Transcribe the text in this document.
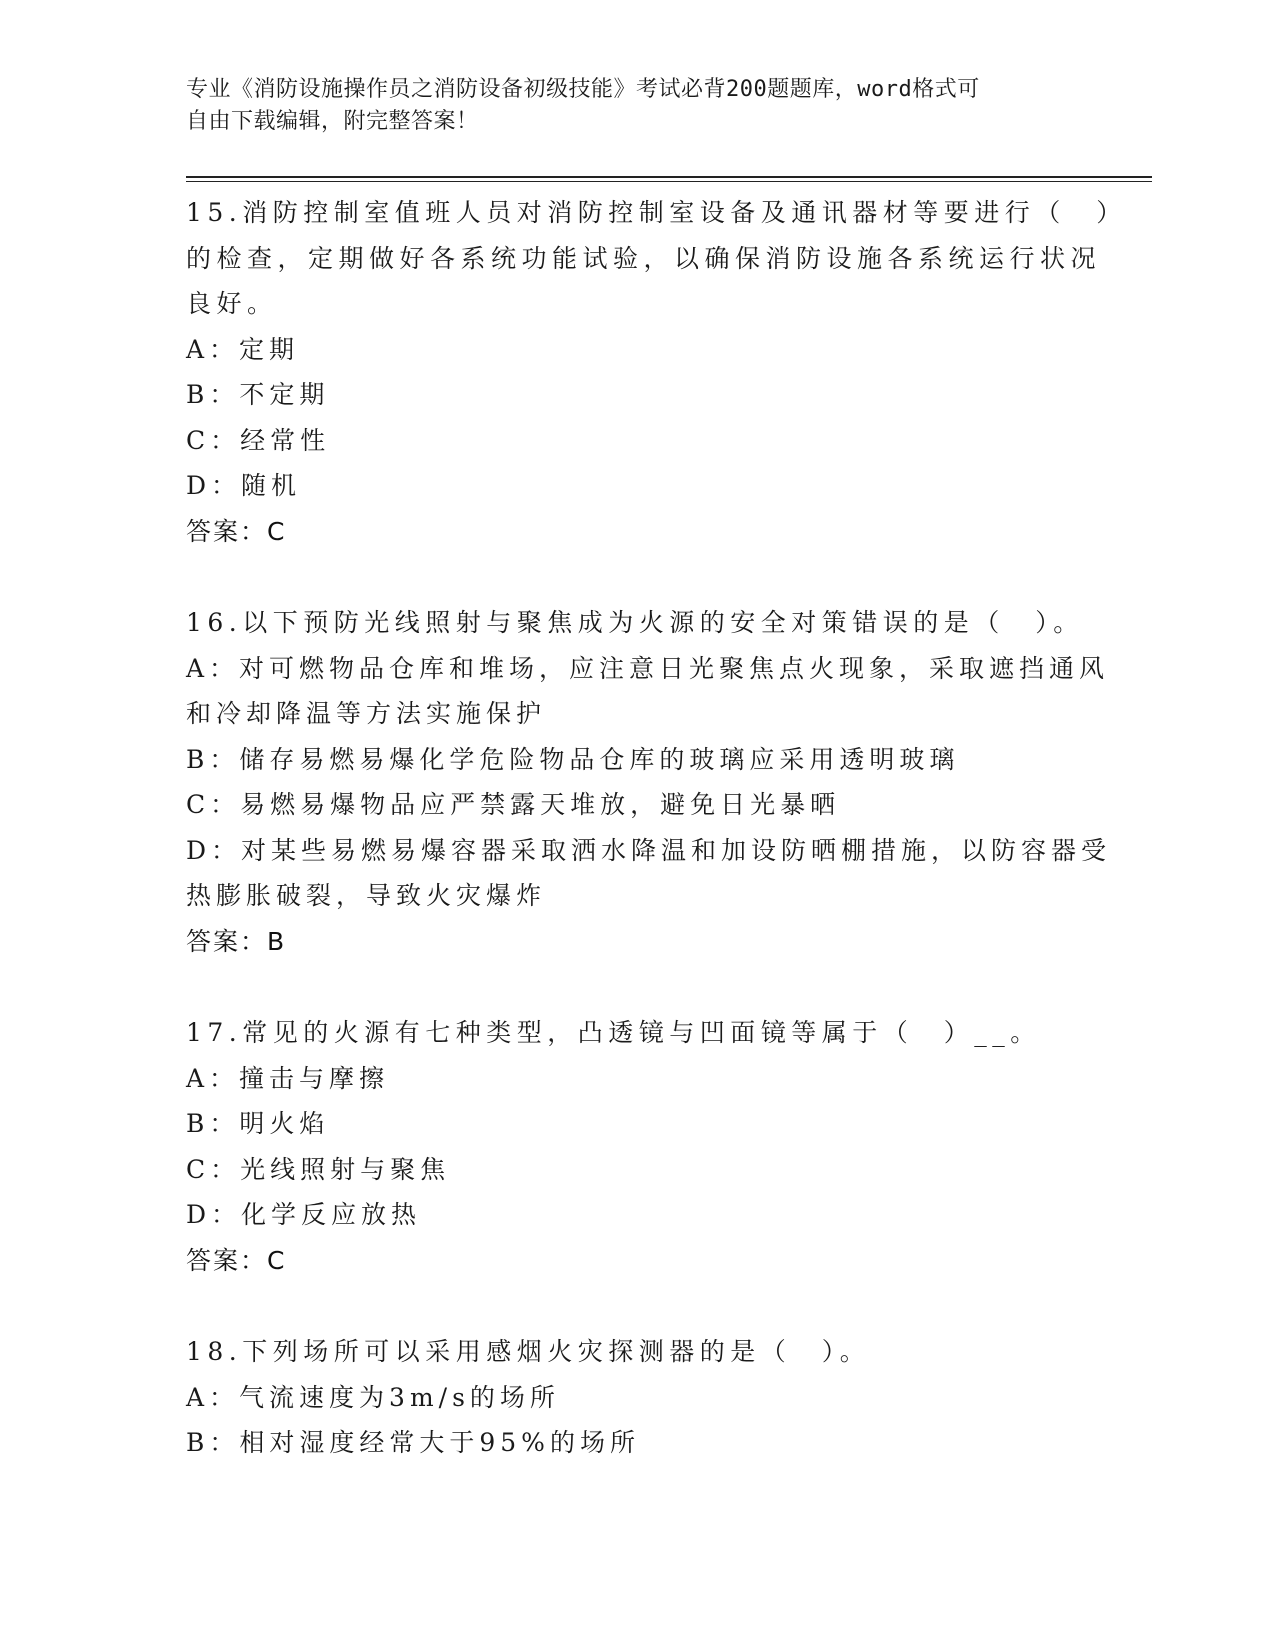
专业《消防设施操作员之消防设备初级技能》考试必背200题题库，word格式可
自由下载编辑，附完整答案！
15.消防控制室值班人员对消防控制室设备及通讯器材等要进行（　）
的检查，定期做好各系统功能试验，以确保消防设施各系统运行状况
良好。
A：定期
B：不定期
C：经常性
D：随机
答案：C
16.以下预防光线照射与聚焦成为火源的安全对策错误的是（　）。
A：对可燃物品仓库和堆场，应注意日光聚焦点火现象，采取遮挡通风
和冷却降温等方法实施保护
B：储存易燃易爆化学危险物品仓库的玻璃应采用透明玻璃
C：易燃易爆物品应严禁露天堆放，避免日光暴晒
D：对某些易燃易爆容器采取洒水降温和加设防晒棚措施，以防容器受
热膨胀破裂，导致火灾爆炸
答案：B
17.常见的火源有七种类型，凸透镜与凹面镜等属于（　）__。
A：撞击与摩擦
B：明火焰
C：光线照射与聚焦
D：化学反应放热
答案：C
18.下列场所可以采用感烟火灾探测器的是（　）。
A：气流速度为3m/s的场所
B：相对湿度经常大于95%的场所
